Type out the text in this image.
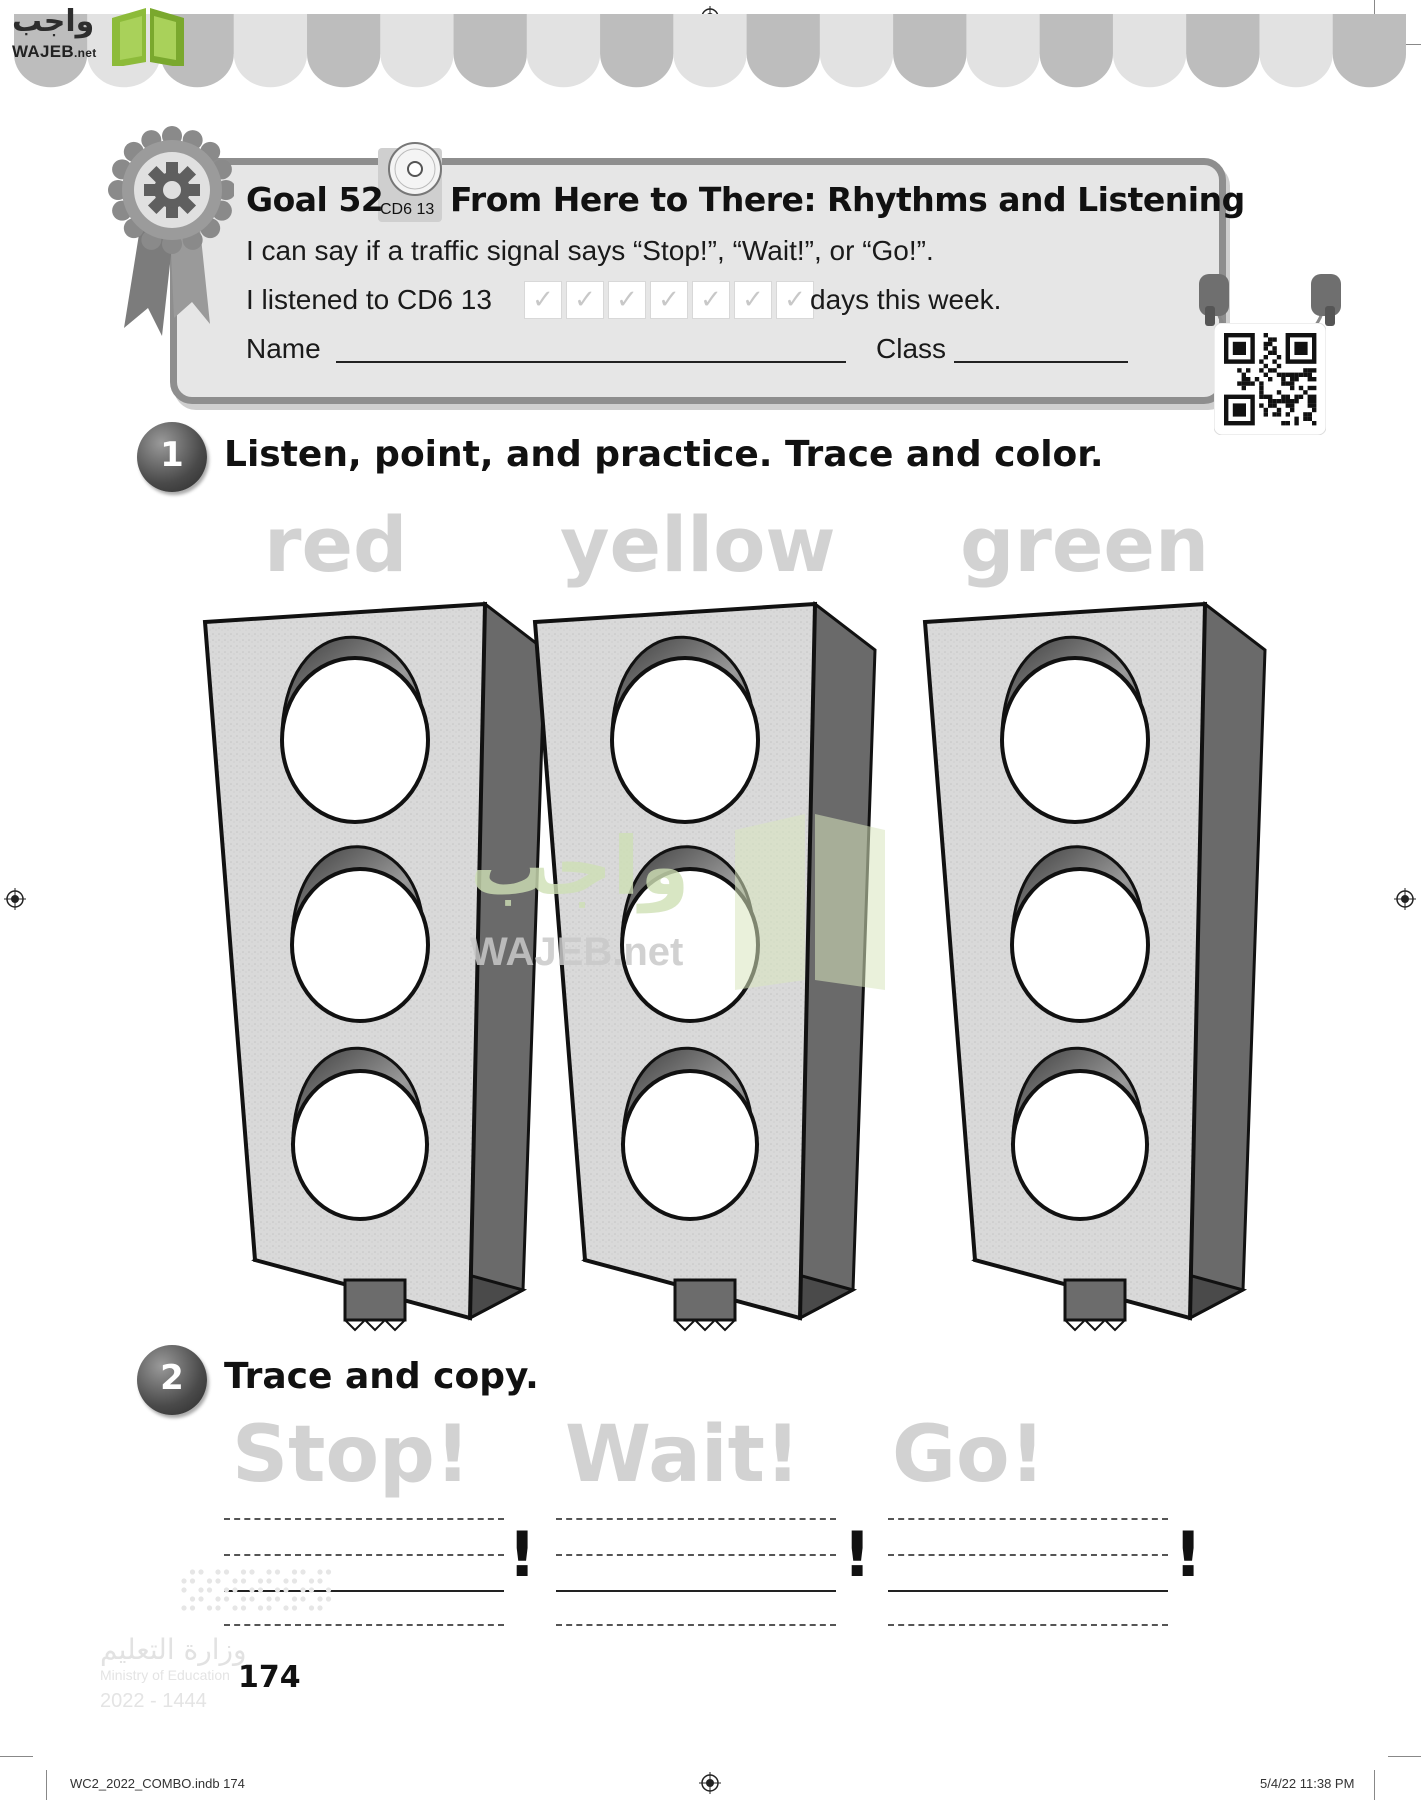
واجب
WAJEB.net
CD6 13
Goal 52 From Here to There: Rhythms and Listening
I can say if a traffic signal says “Stop!”, “Wait!”, or “Go!”.
I listened to CD6 13	✓ ✓ ✓ ✓ ✓ ✓ ✓ days this week.
Name	Class
1	Listen, point, and practice. Trace and color.
red yellow green
واجب
WAJEB.net
2	Trace and copy.
Stop! Wait! Go!
!	!	!
وزارة التعليم
Ministry of Education
2022 - 1444
174
WC2_2022_COMBO.indb 174	5/4/22 11:38 PM
